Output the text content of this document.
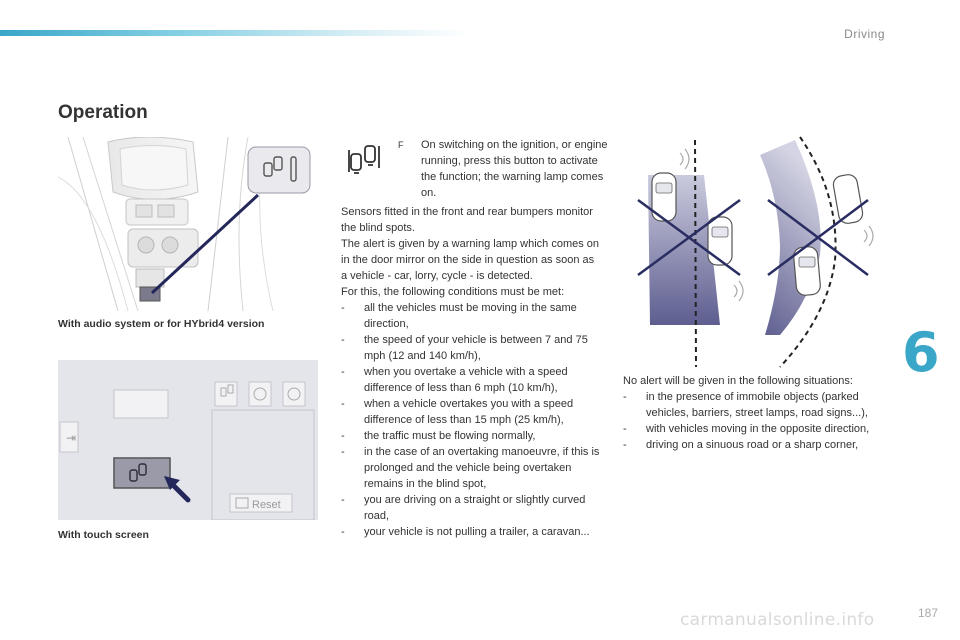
Driving
6
187
Operation
With audio system or for HYbrid4 version
⇥
Reset
With touch screen
F On switching on the ignition, or engine running, press this button to activate the function; the warning lamp comes on.

Sensors fitted in the front and rear bumpers monitor the blind spots.

The alert is given by a warning lamp which comes on in the door mirror on the side in question as soon as a vehicle - car, lorry, cycle - is detected.

For this, the following conditions must be met:

- all the vehicles must be moving in the same direction,
- the speed of your vehicle is between 7 and 75 mph (12 and 140 km/h),
- when you overtake a vehicle with a speed difference of less than 6 mph (10 km/h),
- when a vehicle overtakes you with a speed difference of less than 15 mph (25 km/h),
- the traffic must be flowing normally,
- in the case of an overtaking manoeuvre, if this is prolonged and the vehicle being overtaken remains in the blind spot,
- you are driving on a straight or slightly curved road,
- your vehicle is not pulling a trailer, a caravan...

No alert will be given in the following situations:

- in the presence of immobile objects (parked vehicles, barriers, street lamps, road signs...),
- with vehicles moving in the opposite direction,
- driving on a sinuous road or a sharp corner,
carmanualsonline.info
